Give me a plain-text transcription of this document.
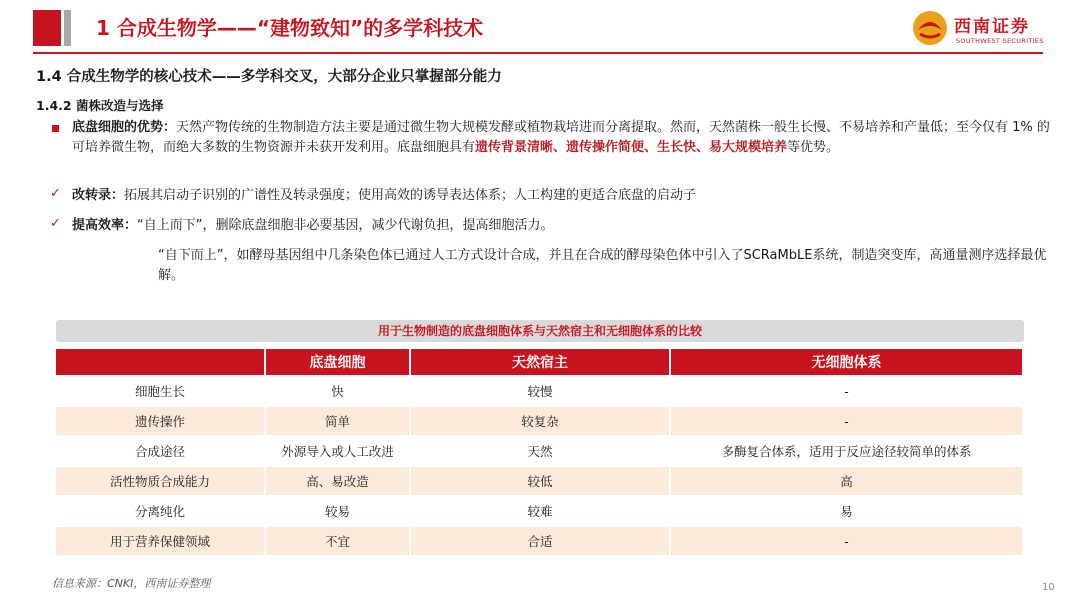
1 合成生物学——“建物致知”的多学科技术	西南证券
SOUTHWEST SECURITIES
1.4 合成生物学的核心技术——多学科交叉，大部分企业只掌握部分能力
1.4.2 菌株改造与选择
底盘细胞的优势：天然产物传统的生物制造方法主要是通过微生物大规模发酵或植物栽培进而分离提取。然而，天然菌株一般生长慢、不易培养和产量低；至今仅有 1% 的可培养微生物，而绝大多数的生物资源并未获开发利用。底盘细胞具有遗传背景清晰、遗传操作简便、生长快、易大规模培养等优势。
✓ 改转录：拓展其启动子识别的广谱性及转录强度；使用高效的诱导表达体系；人工构建的更适合底盘的启动子
✓ 提高效率：“自上而下”，删除底盘细胞非必要基因，减少代谢负担，提高细胞活力。
“自下而上”，如酵母基因组中几条染色体已通过人工方式设计合成，并且在合成的酵母染色体中引入了SCRaMbLE系统，制造突变库，高通量测序选择最优解。
用于生物制造的底盘细胞体系与天然宿主和无细胞体系的比较
	底盘细胞	天然宿主	无细胞体系
细胞生长	快	较慢	-
遗传操作	简单	较复杂	-
合成途径	外源导入或人工改进	天然	多酶复合体系，适用于反应途径较简单的体系
活性物质合成能力	高、易改造	较低	高
分离纯化	较易	较难	易
用于营养保健领域	不宜	合适	-
信息来源：CNKI，西南证券整理	10
